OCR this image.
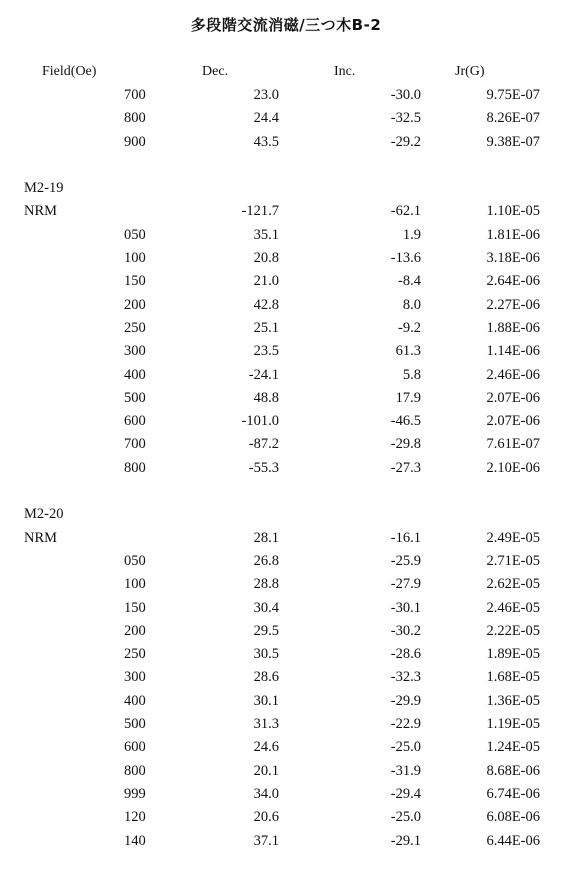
多段階交流消磁/三つ木B-2
Field(Oe)	Dec.	Inc.	Jr(G)
700	23.0	-30.0	9.75E-07
800	24.4	-32.5	8.26E-07
900	43.5	-29.2	9.38E-07
M2-19
NRM	-121.7	-62.1	1.10E-05
050	35.1	1.9	1.81E-06
100	20.8	-13.6	3.18E-06
150	21.0	-8.4	2.64E-06
200	42.8	8.0	2.27E-06
250	25.1	-9.2	1.88E-06
300	23.5	61.3	1.14E-06
400	-24.1	5.8	2.46E-06
500	48.8	17.9	2.07E-06
600	-101.0	-46.5	2.07E-06
700	-87.2	-29.8	7.61E-07
800	-55.3	-27.3	2.10E-06
M2-20
NRM	28.1	-16.1	2.49E-05
050	26.8	-25.9	2.71E-05
100	28.8	-27.9	2.62E-05
150	30.4	-30.1	2.46E-05
200	29.5	-30.2	2.22E-05
250	30.5	-28.6	1.89E-05
300	28.6	-32.3	1.68E-05
400	30.1	-29.9	1.36E-05
500	31.3	-22.9	1.19E-05
600	24.6	-25.0	1.24E-05
800	20.1	-31.9	8.68E-06
999	34.0	-29.4	6.74E-06
120	20.6	-25.0	6.08E-06
140	37.1	-29.1	6.44E-06
